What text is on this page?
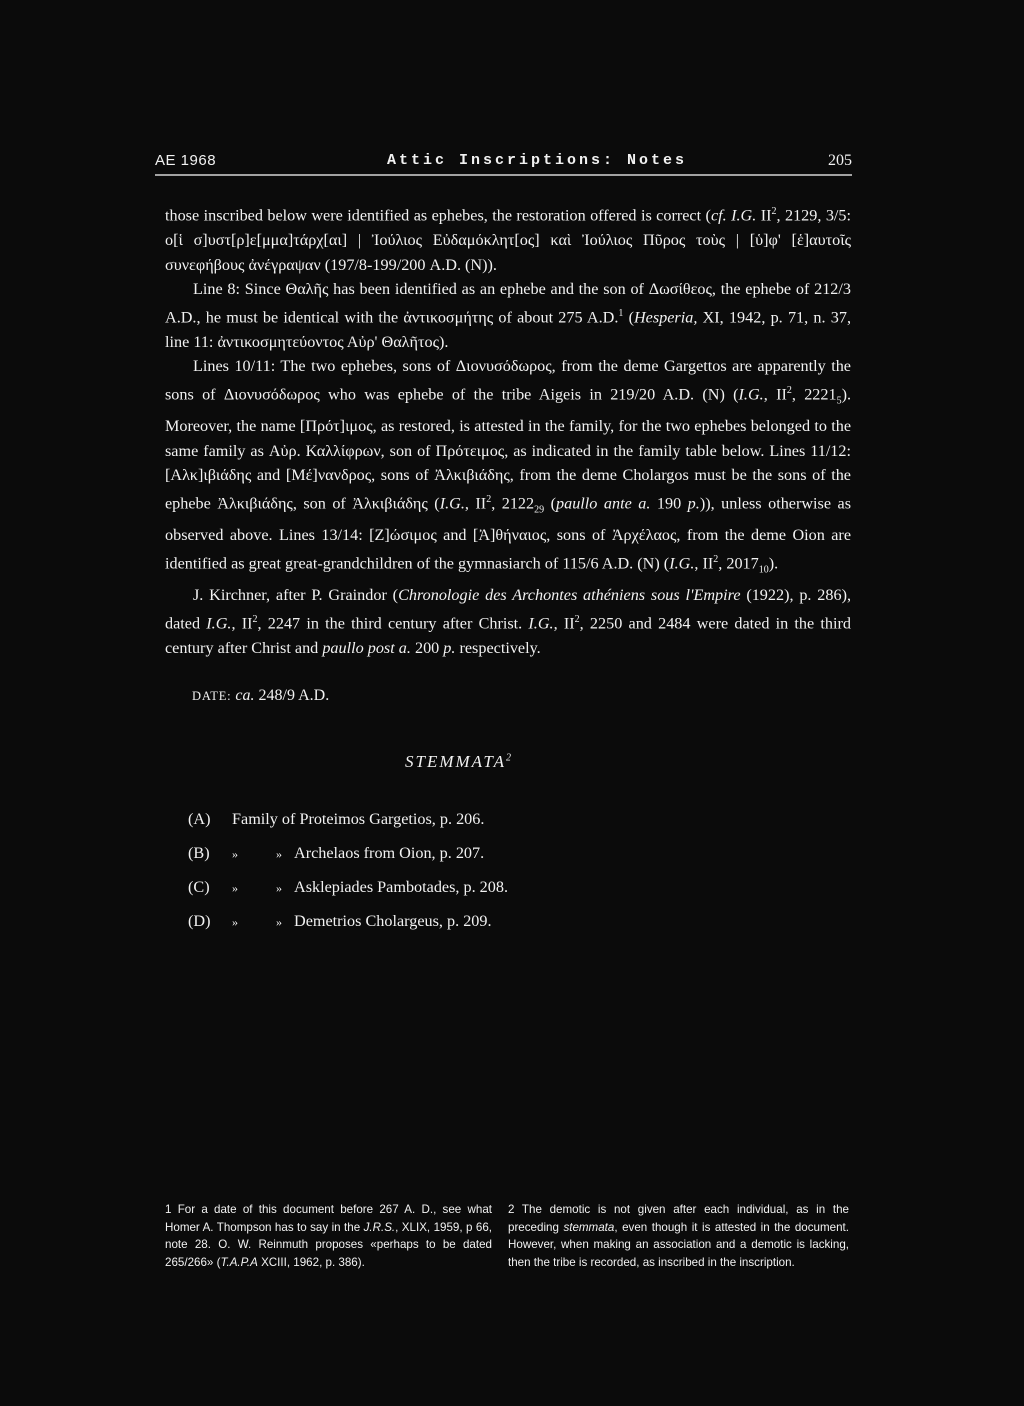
AE 1968	Attic Inscriptions: Notes	205

those inscribed below were identified as ephebes, the restoration offered is correct (cf. I.G. $II^2$, 2129, 3/5: ο[ἱ σ]υστ[ρ]ε[μμα]τάρχ[αι] | Ἰούλιος Εὐδαμόκλητ[ος] καὶ Ἰούλιος Πῦρος τοὺς | [ὑ]φ' [ἑ]αυτοῖς συνεφήβους ἀνέγραψαν (197/8-199/200 A.D. (N)).

Line 8: Since Θαλῆς has been identified as an ephebe and the son of Δωσίθεος, the ephebe of 212/3 A.D., he must be identical with the ἀντικοσμήτης of about 275 A.D.$^1$ (Hesperia, XI, 1942, p. 71, n. 37, line 11: ἀντικοσμητεύοντος Αὐρ' Θαλῆτος).

Lines 10/11: The two ephebes, sons of Διονυσόδωρος, from the deme Gargettos are apparently the sons of Διονυσόδωρος who was ephebe of the tribe Aigeis in 219/20 A.D. (N) (I.G., $II^2$, $2221_5$). Moreover, the name [Πρότ]ιμος, as restored, is attested in the family, for the two ephebes belonged to the same family as Αὐρ. Καλλίφρων, son of Πρότειμος, as indicated in the family table below. Lines 11/12: [Αλκ]ιβιάδης and [Μέ]νανδρος, sons of Ἀλκιβιάδης, from the deme Cholargos must be the sons of the ephebe Ἀλκιβιάδης, son of Ἀλκιβιάδης (I.G., $II^2$, $2122_{29}$ (paullo ante a. 190 p.)), unless otherwise as observed above. Lines 13/14: [Ζ]ώσιμος and [Ἀ]θήναιος, sons of Ἀρχέλαος, from the deme Oion are identified as great great-grandchildren of the gymnasiarch of 115/6 A.D. (N) (I.G., $II^2$, $2017_{10}$).

J. Kirchner, after P. Graindor (Chronologie des Archontes athéniens sous l'Empire (1922), p. 286), dated I.G., $II^2$, 2247 in the third century after Christ. I.G., $II^2$, 2250 and 2484 were dated in the third century after Christ and paullo post a. 200 p. respectively.

DATE: ca. 248/9 A.D.
STEMMATA$^2$
(A)	Family of Proteimos Gargetios, p. 206.
(B)	»	» Archelaos from Oion, p. 207.
(C)	»	» Asklepiades Pambotades, p. 208.
(D)	»	» Demetrios Cholargeus, p. 209.
1 For a date of this document before 267 A. D., see what Homer A. Thompson has to say in the J.R.S., XLIX, 1959, p 66, note 28. O. W. Reinmuth proposes «perhaps to be dated 265/266» (T.A.P.A XCIII, 1962, p. 386).
2 The demotic is not given after each individual, as in the preceding stemmata, even though it is attested in the document. However, when making an association and a demotic is lacking, then the tribe is recorded, as inscribed in the inscription.
